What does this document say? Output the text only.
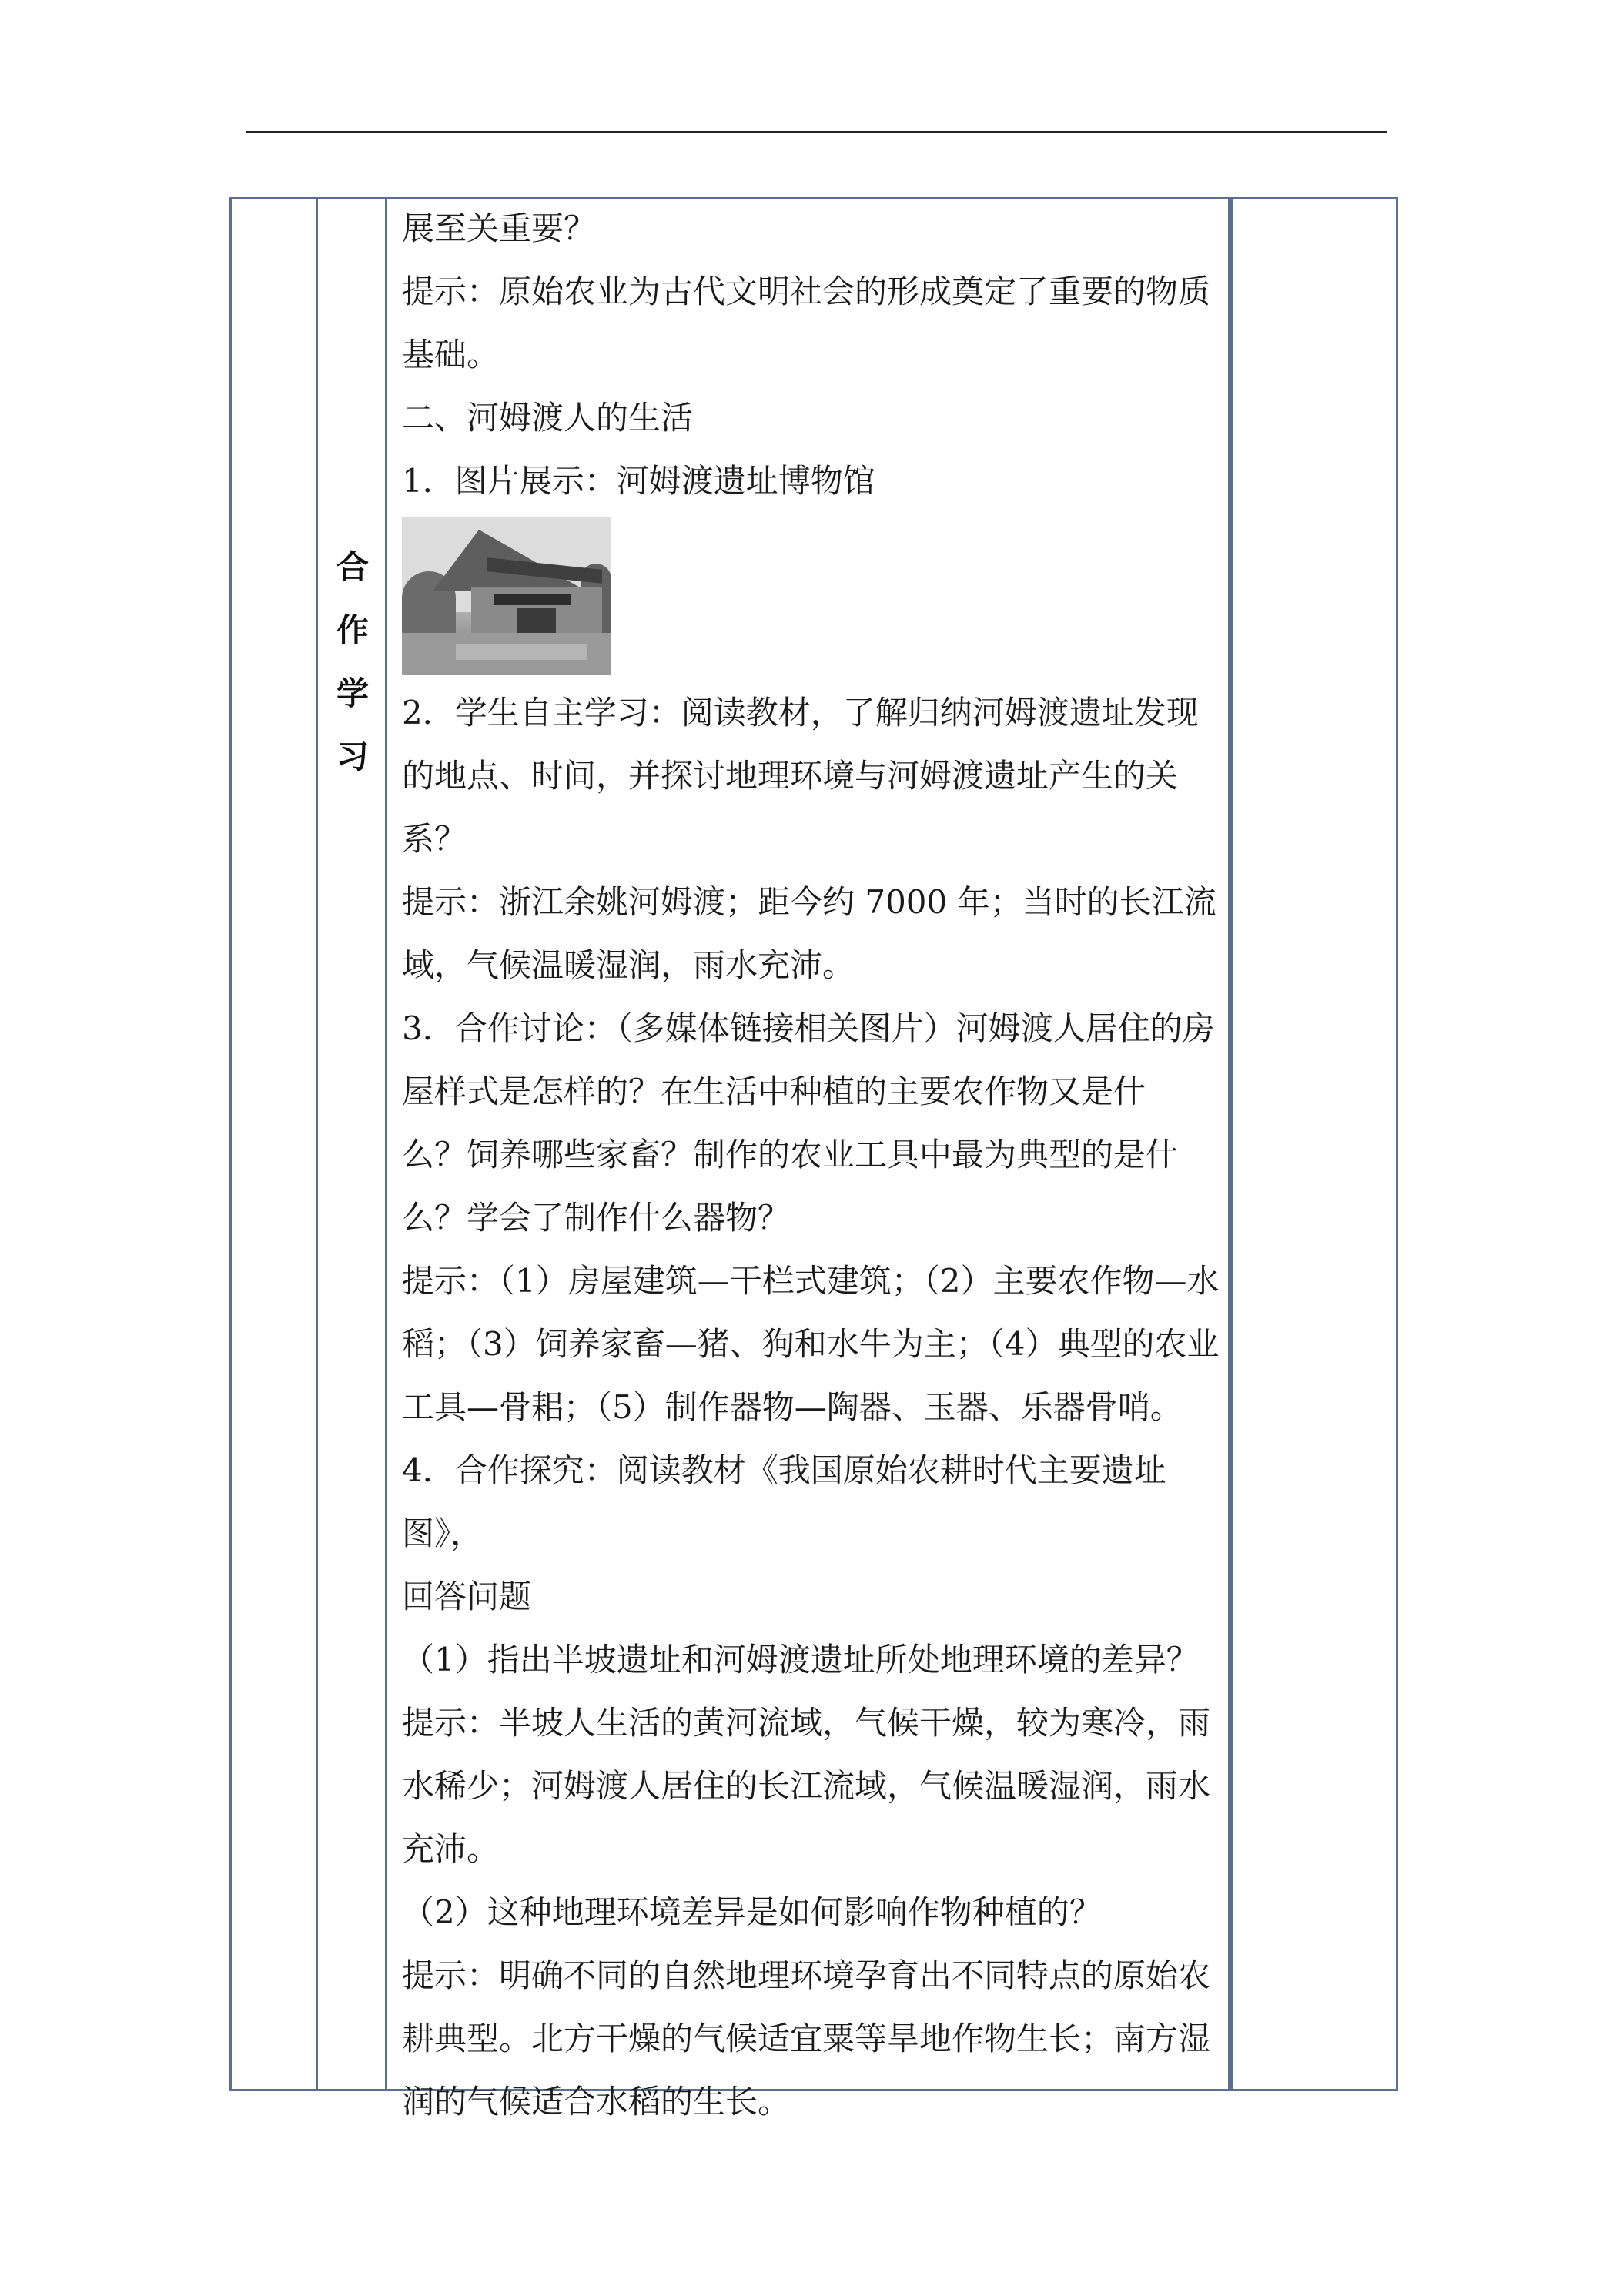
合
作
学
习

展至关重要？

提示：原始农业为古代文明社会的形成奠定了重要的物质

基础。

二、河姆渡人的生活

1．图片展示：河姆渡遗址博物馆

2．学生自主学习：阅读教材，了解归纳河姆渡遗址发现

的地点、时间，并探讨地理环境与河姆渡遗址产生的关

系？

提示：浙江余姚河姆渡；距今约 7000 年；当时的长江流

域，气候温暖湿润，雨水充沛。

3．合作讨论：（多媒体链接相关图片）河姆渡人居住的房

屋样式是怎样的？在生活中种植的主要农作物又是什

么？饲养哪些家畜？制作的农业工具中最为典型的是什

么？学会了制作什么器物？

提示：（1）房屋建筑—干栏式建筑；（2）主要农作物—水

稻；（3）饲养家畜—猪、狗和水牛为主；（4）典型的农业

工具—骨耜；（5）制作器物—陶器、玉器、乐器骨哨。

4．合作探究：阅读教材《我国原始农耕时代主要遗址图》，

回答问题

（1）指出半坡遗址和河姆渡遗址所处地理环境的差异？

提示：半坡人生活的黄河流域，气候干燥，较为寒冷，雨

水稀少；河姆渡人居住的长江流域，气候温暖湿润，雨水

充沛。

（2）这种地理环境差异是如何影响作物种植的？

提示：明确不同的自然地理环境孕育出不同特点的原始农

耕典型。北方干燥的气候适宜粟等旱地作物生长；南方湿

润的气候适合水稻的生长。
